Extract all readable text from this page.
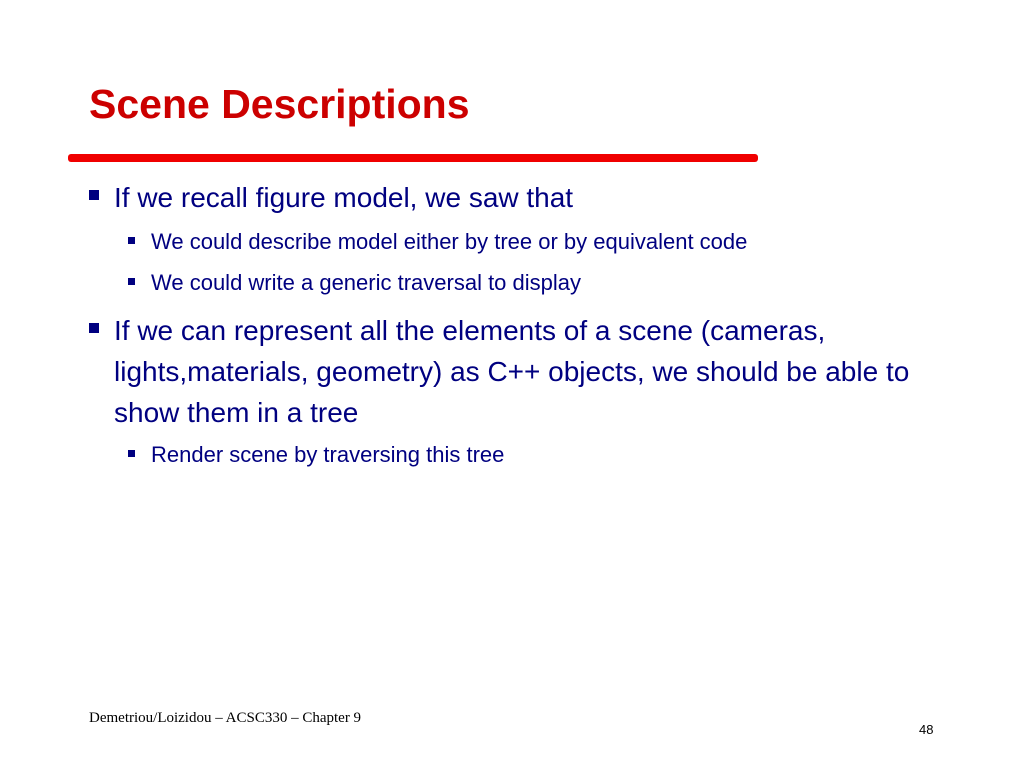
Scene Descriptions
If we recall figure model, we saw that
We could describe model either by tree or by equivalent code
We could write a generic traversal to display
If we can represent all the elements of a scene (cameras, lights,materials, geometry) as C++ objects, we should be able to show them in a tree
Render scene by traversing this tree
Demetriou/Loizidou – ACSC330 – Chapter 9
48
